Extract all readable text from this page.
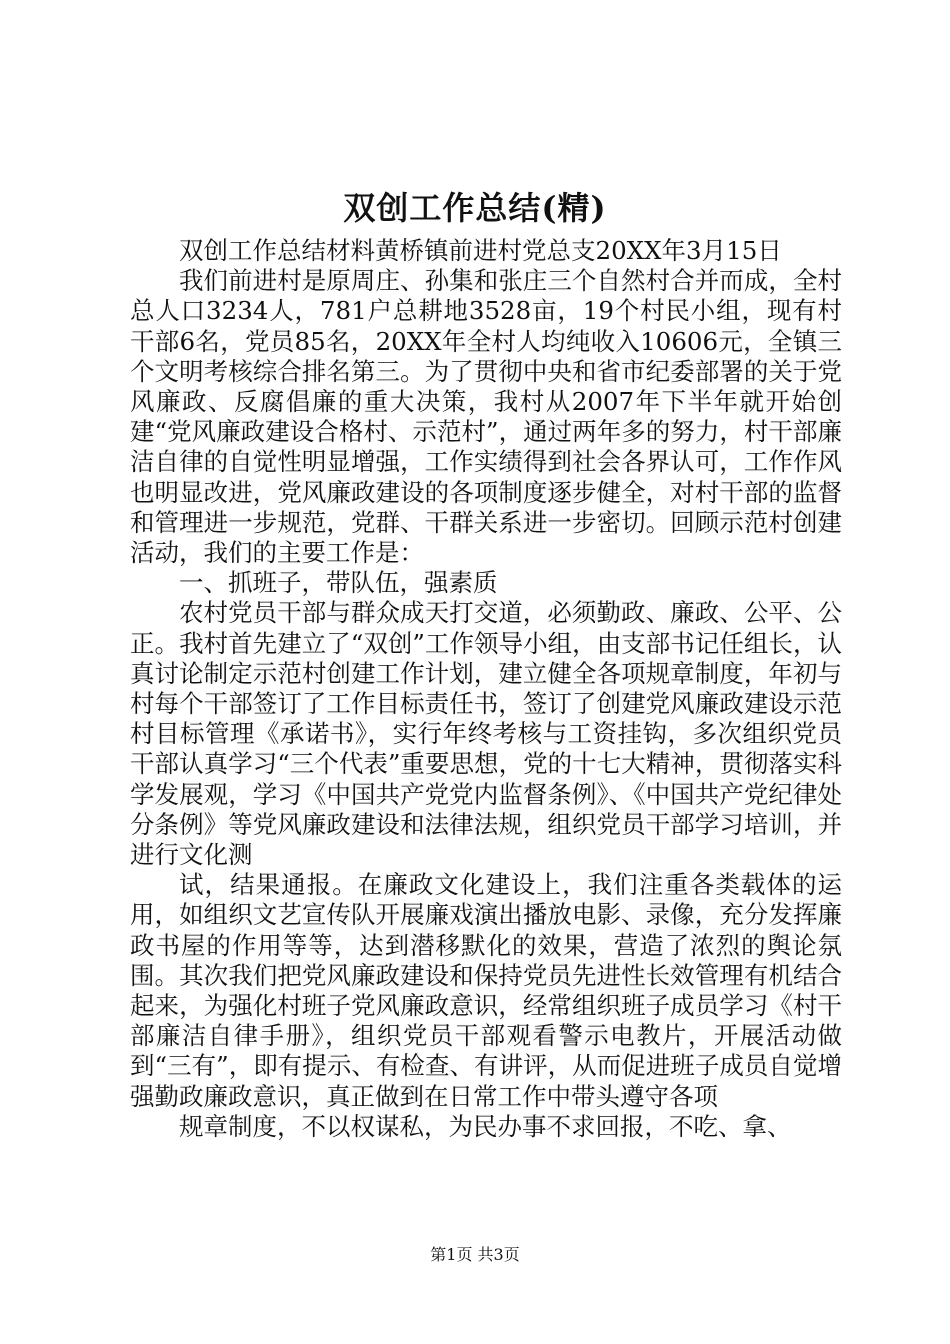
双创工作总结(精)

双创工作总结材料黄桥镇前进村党总支20XX年3月15日

我们前进村是原周庄、孙集和张庄三个自然村合并而成，全村总人口3234人，781户总耕地3528亩，19个村民小组，现有村干部6名，党员85名，20XX年全村人均纯收入10606元，全镇三个文明考核综合排名第三。为了贯彻中央和省市纪委部署的关于党风廉政、反腐倡廉的重大决策，我村从2007年下半年就开始创建“党风廉政建设合格村、示范村”，通过两年多的努力，村干部廉洁自律的自觉性明显增强，工作实绩得到社会各界认可，工作作风也明显改进，党风廉政建设的各项制度逐步健全，对村干部的监督和管理进一步规范，党群、干群关系进一步密切。回顾示范村创建活动，我们的主要工作是：

一、抓班子，带队伍，强素质

农村党员干部与群众成天打交道，必须勤政、廉政、公平、公正。我村首先建立了“双创”工作领导小组，由支部书记任组长，认真讨论制定示范村创建工作计划，建立健全各项规章制度，年初与村每个干部签订了工作目标责任书，签订了创建党风廉政建设示范村目标管理《承诺书》，实行年终考核与工资挂钩，多次组织党员干部认真学习“三个代表”重要思想，党的十七大精神，贯彻落实科学发展观，学习《中国共产党党内监督条例》、《中国共产党纪律处分条例》等党风廉政建设和法律法规，组织党员干部学习培训，并进行文化测

试，结果通报。在廉政文化建设上，我们注重各类载体的运用，如组织文艺宣传队开展廉戏演出播放电影、录像，充分发挥廉政书屋的作用等等，达到潜移默化的效果，营造了浓烈的舆论氛围。其次我们把党风廉政建设和保持党员先进性长效管理有机结合起来，为强化村班子党风廉政意识，经常组织班子成员学习《村干部廉洁自律手册》，组织党员干部观看警示电教片，开展活动做到“三有”，即有提示、有检查、有讲评，从而促进班子成员自觉增强勤政廉政意识，真正做到在日常工作中带头遵守各项

规章制度，不以权谋私，为民办事不求回报，不吃、拿、

第1页 共3页
